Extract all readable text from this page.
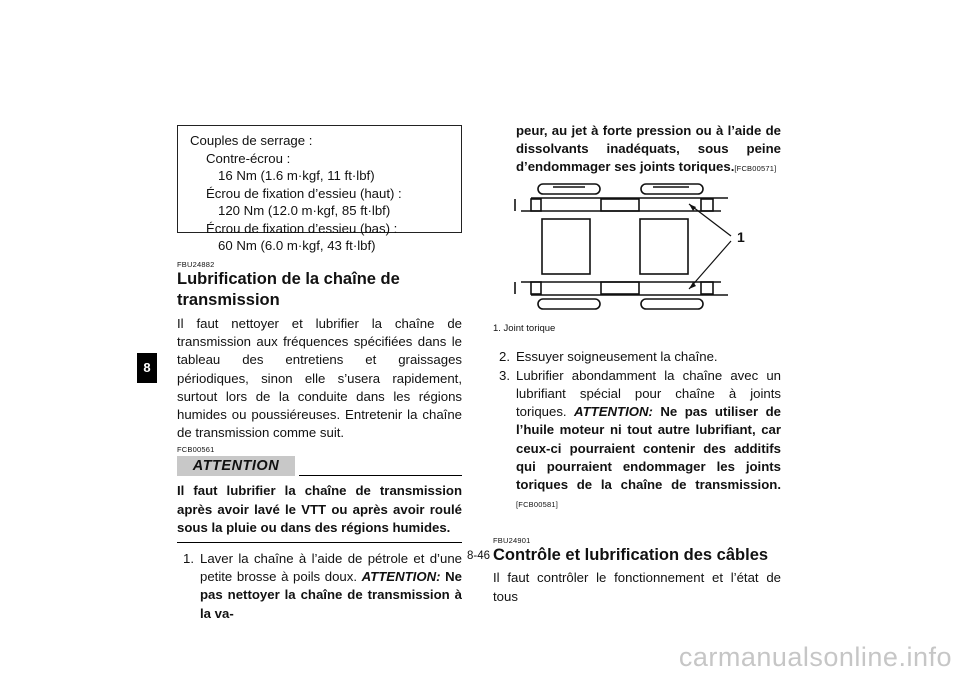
8
Couples de serrage :
Contre-écrou :
16 Nm (1.6 m·kgf, 11 ft·lbf)
Écrou de fixation d’essieu (haut) :
120 Nm (12.0 m·kgf, 85 ft·lbf)
Écrou de fixation d’essieu (bas) :
60 Nm (6.0 m·kgf, 43 ft·lbf)
FBU24882
Lubrification de la chaîne de
transmission

Il faut nettoyer et lubrifier la chaîne de transmission aux fréquences spécifiées dans le tableau des entretiens et graissages périodiques, sinon elle s’usera rapidement, surtout lors de la conduite dans les régions humides ou poussiéreuses. Entretenir la chaîne de transmission comme suit.

FCB00561
ATTENTION

Il faut lubrifier la chaîne de transmission après avoir lavé le VTT ou après avoir roulé sous la pluie ou dans des régions humides.

1. Laver la chaîne à l’aide de pétrole et d’une petite brosse à poils doux. ATTENTION: Ne pas nettoyer la chaîne de transmission à la va-
peur, au jet à forte pression ou à l’aide de dissolvants inadéquats, sous peine d’endommager ses joints toriques.[FCB00571]
1
1. Joint torique
2. Essuyer soigneusement la chaîne.
3. Lubrifier abondamment la chaîne avec un lubrifiant spécial pour chaîne à joints toriques. ATTENTION: Ne pas utiliser de l’huile moteur ni tout autre lubrifiant, car ceux-ci pourraient contenir des additifs qui pourraient endommager les joints toriques de la chaîne de transmission.[FCB00581]
FBU24901
Contrôle et lubrification des câbles

Il faut contrôler le fonctionnement et l’état de tous

8-46
carmanualsonline.info
